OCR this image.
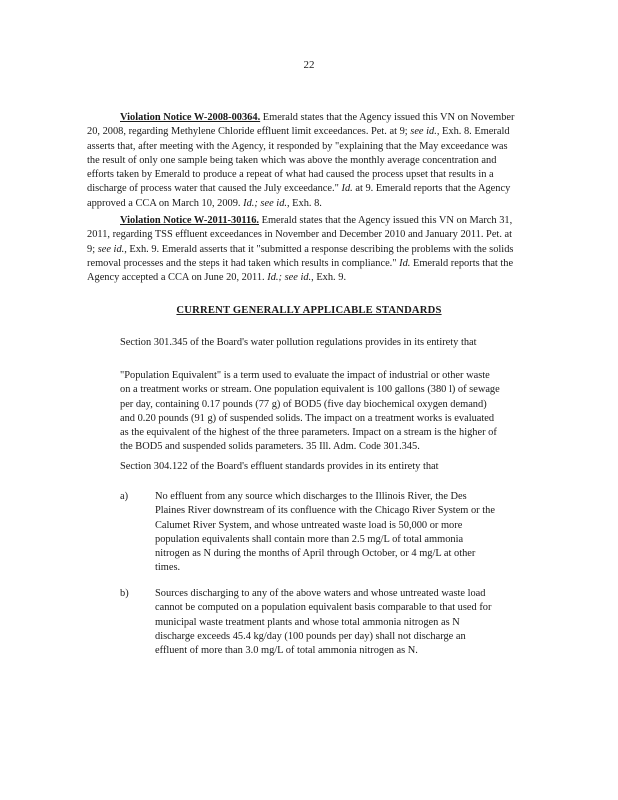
22

Violation Notice W-2008-00364. Emerald states that the Agency issued this VN on November 20, 2008, regarding Methylene Chloride effluent limit exceedances. Pet. at 9; see id., Exh. 8. Emerald asserts that, after meeting with the Agency, it responded by "explaining that the May exceedance was the result of only one sample being taken which was above the monthly average concentration and efforts taken by Emerald to produce a repeat of what had caused the process upset that results in a discharge of process water that caused the July exceedance." Id. at 9. Emerald reports that the Agency approved a CCA on March 10, 2009. Id.; see id., Exh. 8.

Violation Notice W-2011-30116. Emerald states that the Agency issued this VN on March 31, 2011, regarding TSS effluent exceedances in November and December 2010 and January 2011. Pet. at 9; see id., Exh. 9. Emerald asserts that it "submitted a response describing the problems with the solids removal processes and the steps it had taken which results in compliance." Id. Emerald reports that the Agency accepted a CCA on June 20, 2011. Id.; see id., Exh. 9.

CURRENT GENERALLY APPLICABLE STANDARDS

Section 301.345 of the Board's water pollution regulations provides in its entirety that

"Population Equivalent" is a term used to evaluate the impact of industrial or other waste on a treatment works or stream. One population equivalent is 100 gallons (380 l) of sewage per day, containing 0.17 pounds (77 g) of BOD5 (five day biochemical oxygen demand) and 0.20 pounds (91 g) of suspended solids. The impact on a treatment works is evaluated as the equivalent of the highest of the three parameters. Impact on a stream is the higher of the BOD5 and suspended solids parameters. 35 Ill. Adm. Code 301.345.

Section 304.122 of the Board's effluent standards provides in its entirety that

a)	No effluent from any source which discharges to the Illinois River, the Des Plaines River downstream of its confluence with the Chicago River System or the Calumet River System, and whose untreated waste load is 50,000 or more population equivalents shall contain more than 2.5 mg/L of total ammonia nitrogen as N during the months of April through October, or 4 mg/L at other times.
b)	Sources discharging to any of the above waters and whose untreated waste load cannot be computed on a population equivalent basis comparable to that used for municipal waste treatment plants and whose total ammonia nitrogen as N discharge exceeds 45.4 kg/day (100 pounds per day) shall not discharge an effluent of more than 3.0 mg/L of total ammonia nitrogen as N.
